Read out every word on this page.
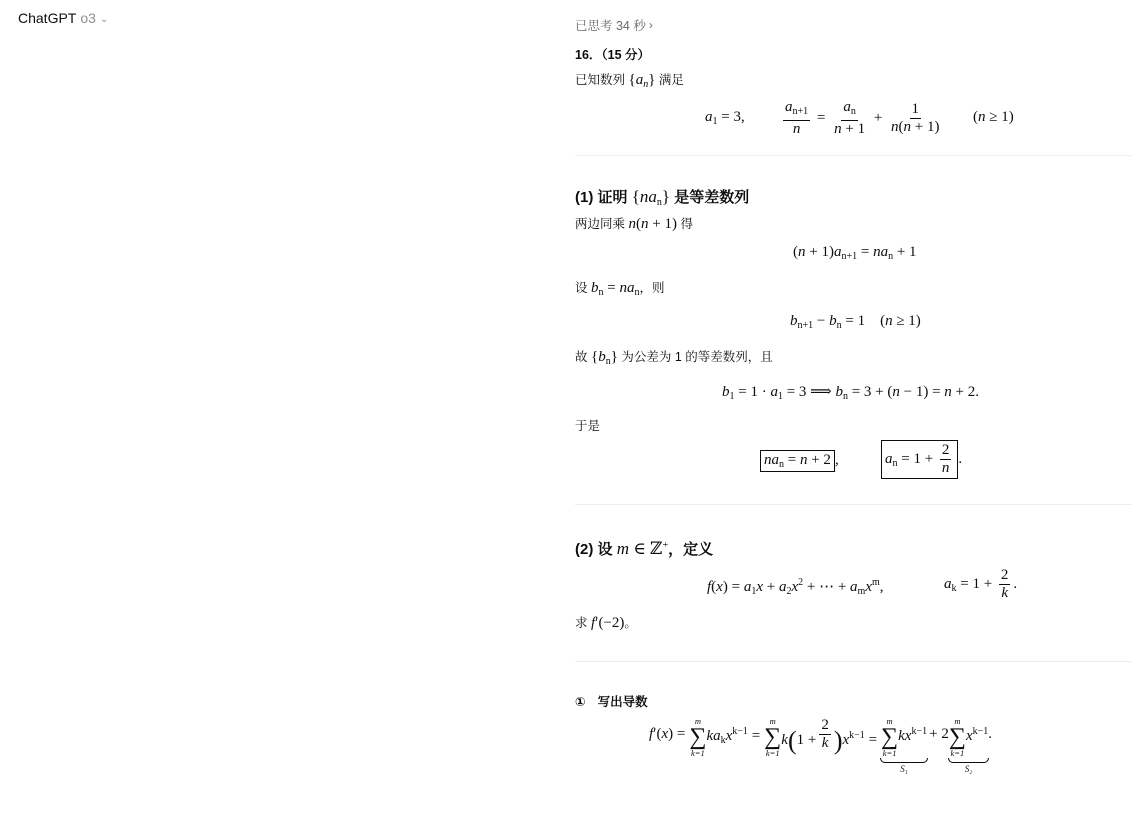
ChatGPT o3 ⌄	已思考 34 秒 ›
16．（15 分）

已知数列 $\{a_n\}$ 满足

$a_1 = 3$,	$\frac{a_{n+1}}{n} = \frac{a_n}{n + 1} + \frac{1}{n(n + 1)} (n \ge 1)$
(1) 证明 $\{na_n\}$ 是等差数列

两边同乘 n(n + 1) 得

$(n + 1)a_{n+1} = na_n + 1$

设 $b_n = na_n$，则

$b_{n+1} - b_n = 1$    (n ≥ 1)

故 $\{b_n\}$ 为公差为 1 的等差数列，且

$b_1 = 1 \cdot a_1 = 3$ ⟹ $b_n = 3 + (n - 1) = n + 2$.

于是

$na_n = n + 2$ ,	$a_n = 1 + \frac{2}{n}$ .
(2) 设 m ∈ ℤ+，定义
$f(x) = a_1x + a_2x^2$ + ⋯ + $a_mx^m$,	$a_k = 1 + \frac{2}{k}$ .

求 f′(−2)。

① 写出导数
f′(x) =
m
∑
k=1
$ka_kx^{k-1}$ =
m
∑
k=1
$k(1 + \frac{2}{k} )x^{k-1}$ =
m
∑
k=1
$kx^{k-1}$
S₁
+ 2
m
∑
k=1
$x^{k-1}$
S₂
.
